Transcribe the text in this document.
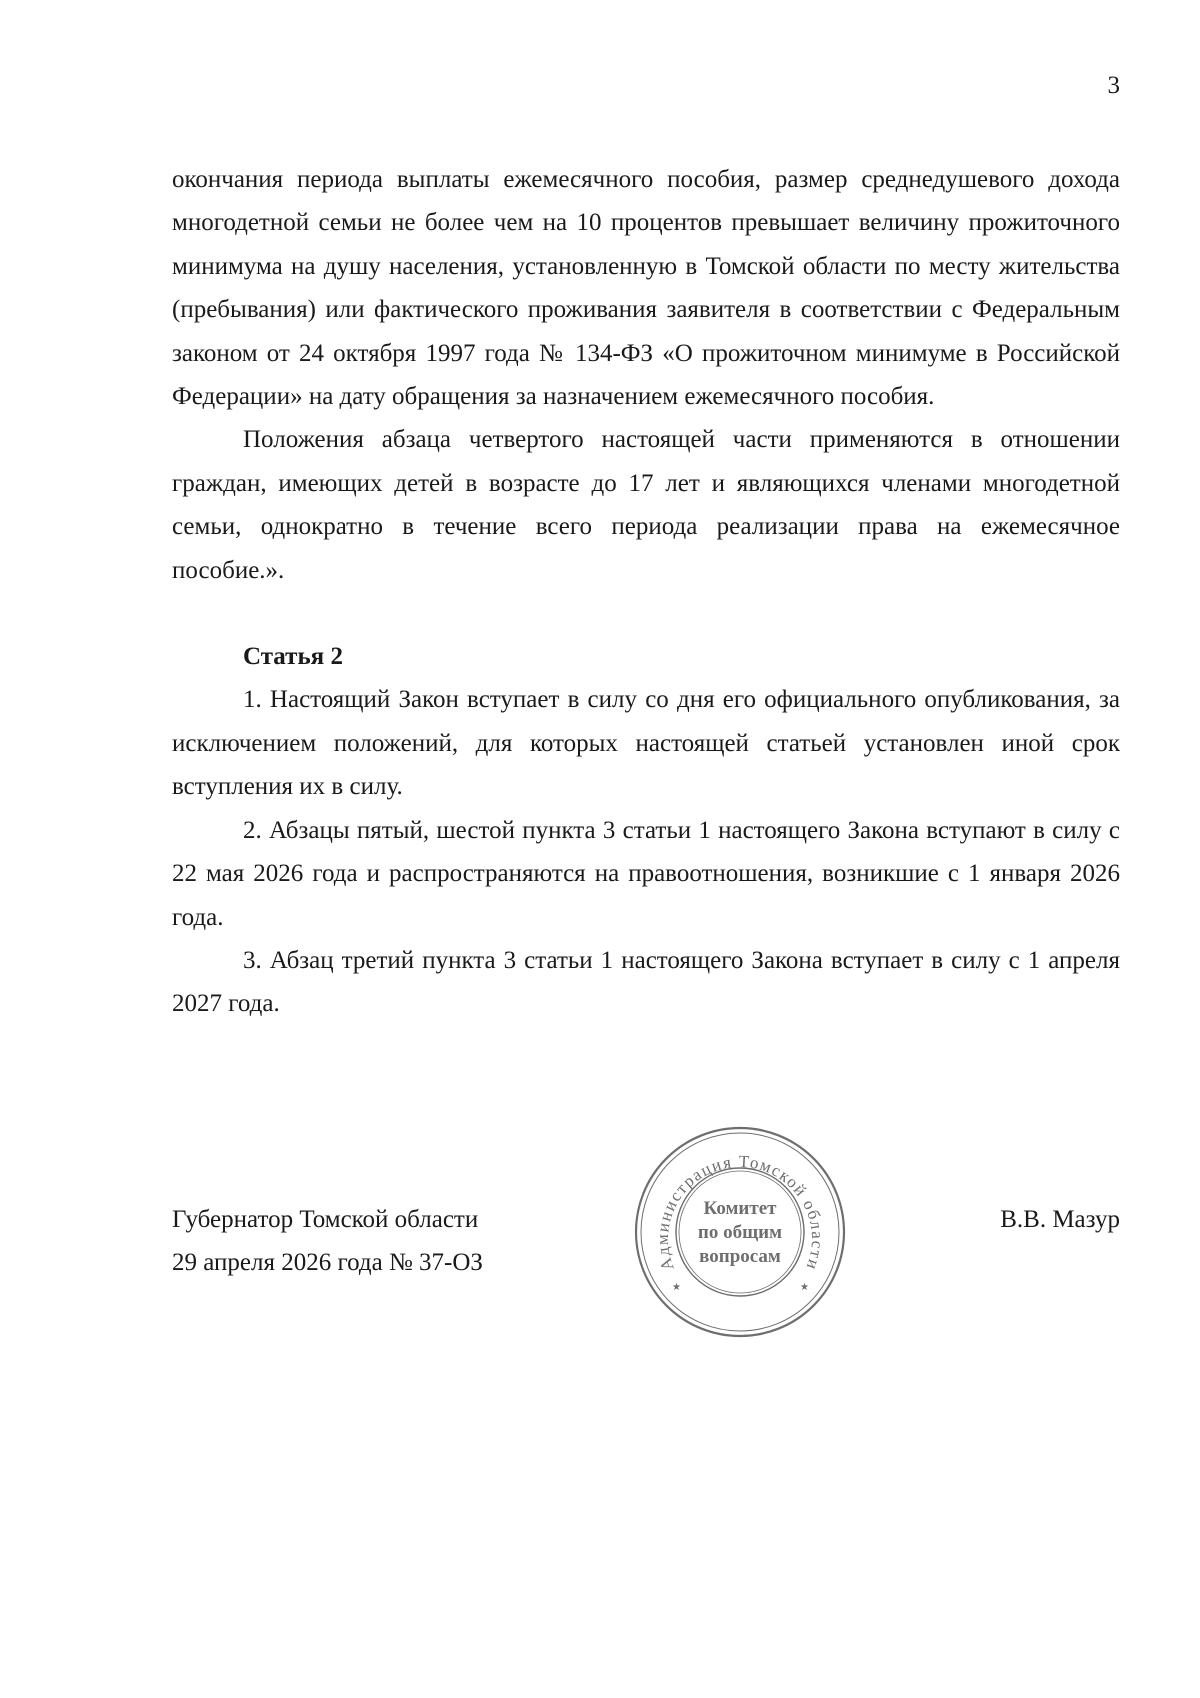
3

окончания периода выплаты ежемесячного пособия, размер среднедушевого дохода многодетной семьи не более чем на 10 процентов превышает величину прожиточного минимума на душу населения, установленную в Томской области по месту жительства (пребывания) или фактического проживания заявителя в соответствии с Федеральным законом от 24 октября 1997 года № 134-ФЗ «О прожиточном минимуме в Российской Федерации» на дату обращения за назначением ежемесячного пособия.

Положения абзаца четвертого настоящей части применяются в отношении граждан, имеющих детей в возрасте до 17 лет и являющихся членами многодетной семьи, однократно в течение всего периода реализации права на ежемесячное пособие.».

Статья 2

1. Настоящий Закон вступает в силу со дня его официального опубликования, за исключением положений, для которых настоящей статьей установлен иной срок вступления их в силу.

2. Абзацы пятый, шестой пункта 3 статьи 1 настоящего Закона вступают в силу с 22 мая 2026 года и распространяются на правоотношения, возникшие с 1 января 2026 года.

3. Абзац третий пункта 3 статьи 1 настоящего Закона вступает в силу с 1 апреля 2027 года.

Губернатор Томской области
29 апреля 2026 года № 37-ОЗ
В.В. Мазур
Администрация Томской области
★	★
Комитет
по общим
вопросам
